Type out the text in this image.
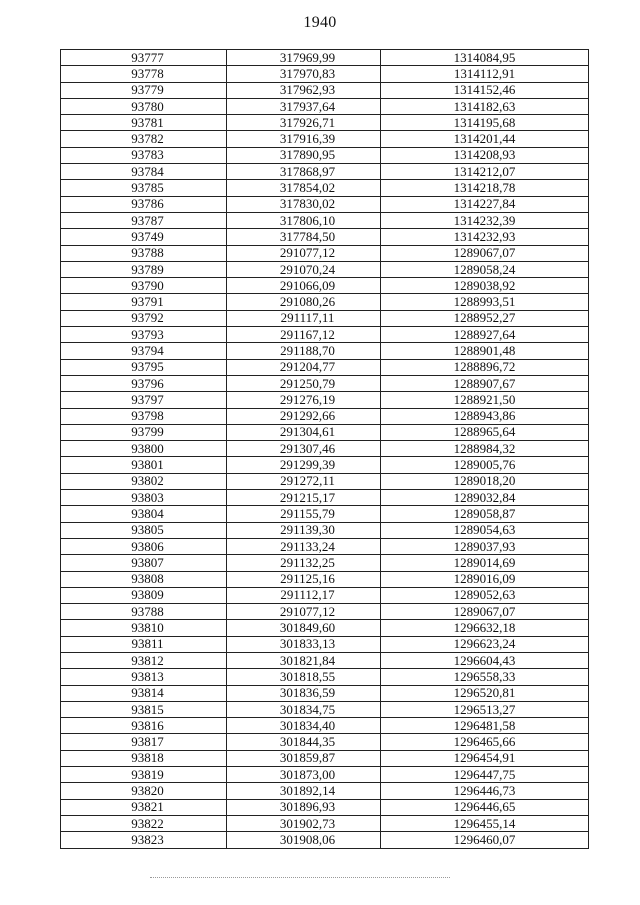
1940
93777	317969,99	1314084,95
93778	317970,83	1314112,91
93779	317962,93	1314152,46
93780	317937,64	1314182,63
93781	317926,71	1314195,68
93782	317916,39	1314201,44
93783	317890,95	1314208,93
93784	317868,97	1314212,07
93785	317854,02	1314218,78
93786	317830,02	1314227,84
93787	317806,10	1314232,39
93749	317784,50	1314232,93
93788	291077,12	1289067,07
93789	291070,24	1289058,24
93790	291066,09	1289038,92
93791	291080,26	1288993,51
93792	291117,11	1288952,27
93793	291167,12	1288927,64
93794	291188,70	1288901,48
93795	291204,77	1288896,72
93796	291250,79	1288907,67
93797	291276,19	1288921,50
93798	291292,66	1288943,86
93799	291304,61	1288965,64
93800	291307,46	1288984,32
93801	291299,39	1289005,76
93802	291272,11	1289018,20
93803	291215,17	1289032,84
93804	291155,79	1289058,87
93805	291139,30	1289054,63
93806	291133,24	1289037,93
93807	291132,25	1289014,69
93808	291125,16	1289016,09
93809	291112,17	1289052,63
93788	291077,12	1289067,07
93810	301849,60	1296632,18
93811	301833,13	1296623,24
93812	301821,84	1296604,43
93813	301818,55	1296558,33
93814	301836,59	1296520,81
93815	301834,75	1296513,27
93816	301834,40	1296481,58
93817	301844,35	1296465,66
93818	301859,87	1296454,91
93819	301873,00	1296447,75
93820	301892,14	1296446,73
93821	301896,93	1296446,65
93822	301902,73	1296455,14
93823	301908,06	1296460,07
